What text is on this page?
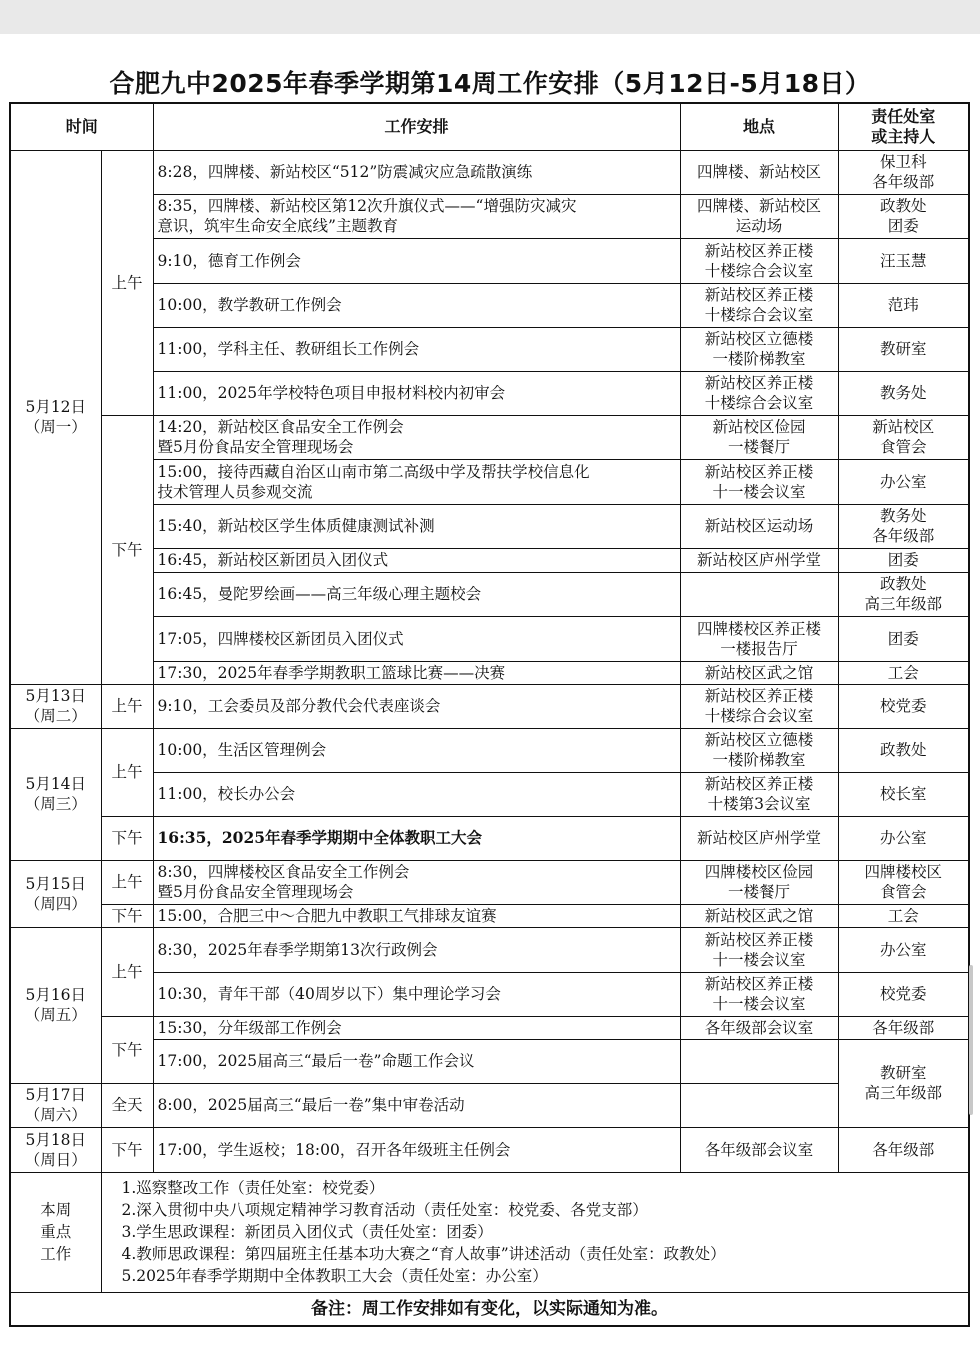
合肥九中2025年春季学期第14周工作安排（5月12日-5月18日）
时间		工作安排	地点	责任处室
或主持人

5月12日
（周一）	上午	8:28，四牌楼、新站校区“512”防震减灾应急疏散演练	四牌楼、新站校区	保卫科
各年级部

		8:35，四牌楼、新站校区第12次升旗仪式——“增强防灾减灾
意识，筑牢生命安全底线”主题教育	四牌楼、新站校区
运动场	政教处
团委

		9:10，德育工作例会	新站校区养正楼
十楼综合会议室	汪玉慧
		10:00，教学教研工作例会	新站校区养正楼
十楼综合会议室	范玮
		11:00，学科主任、教研组长工作例会	新站校区立德楼
一楼阶梯教室	教研室
		11:00，2025年学校特色项目申报材料校内初审会	新站校区养正楼
十楼综合会议室	教务处
	下午	14:20，新站校区食品安全工作例会
暨5月份食品安全管理现场会	新站校区俭园
一楼餐厅	新站校区
食管会

		15:00，接待西藏自治区山南市第二高级中学及帮扶学校信息化
技术管理人员参观交流	新站校区养正楼
十一楼会议室	办公室
		15:40，新站校区学生体质健康测试补测	新站校区运动场	教务处
各年级部

		16:45，新站校区新团员入团仪式	新站校区庐州学堂	团委
		16:45，曼陀罗绘画——高三年级心理主题校会		政教处
高三年级部

		17:05，四牌楼校区新团员入团仪式	四牌楼校区养正楼
一楼报告厅	团委
		17:30，2025年春季学期教职工篮球比赛——决赛	新站校区武之馆	工会

5月13日
（周二）	上午	9:10，工会委员及部分教代会代表座谈会	新站校区养正楼
十楼综合会议室	校党委

5月14日
（周三）	上午	10:00，生活区管理例会	新站校区立德楼
一楼阶梯教室	政教处
		11:00，校长办公会	新站校区养正楼
十楼第3会议室	校长室
	下午	16:35，2025年春季学期期中全体教职工大会	新站校区庐州学堂	办公室

5月15日
（周四）	上午	8:30，四牌楼校区食品安全工作例会
暨5月份食品安全管理现场会	四牌楼校区俭园
一楼餐厅	四牌楼校区
食管会

	下午	15:00，合肥三中～合肥九中教职工气排球友谊赛	新站校区武之馆	工会

5月16日
（周五）	上午	8:30，2025年春季学期第13次行政例会	新站校区养正楼
十一楼会议室	办公室
		10:30，青年干部（40周岁以下）集中理论学习会	新站校区养正楼
十一楼会议室	校党委
	下午	15:30，分年级部工作例会	各年级部会议室	各年级部
		17:00，2025届高三“最后一卷”命题工作会议		教研室
高三年级部

5月17日
（周六）	全天	8:00，2025届高三“最后一卷”集中审卷活动		

5月18日
（周日）	下午	17:00，学生返校；18:00，召开各年级班主任例会	各年级部会议室	各年级部

本周
重点
工作	1.巡察整改工作（责任处室：校党委）
2.深入贯彻中央八项规定精神学习教育活动（责任处室：校党委、各党支部）
3.学生思政课程：新团员入团仪式（责任处室：团委）
4.教师思政课程：第四届班主任基本功大赛之“育人故事”讲述活动（责任处室：政教处）
5.2025年春季学期期中全体教职工大会（责任处室：办公室）			

备注：周工作安排如有变化，以实际通知为准。				
